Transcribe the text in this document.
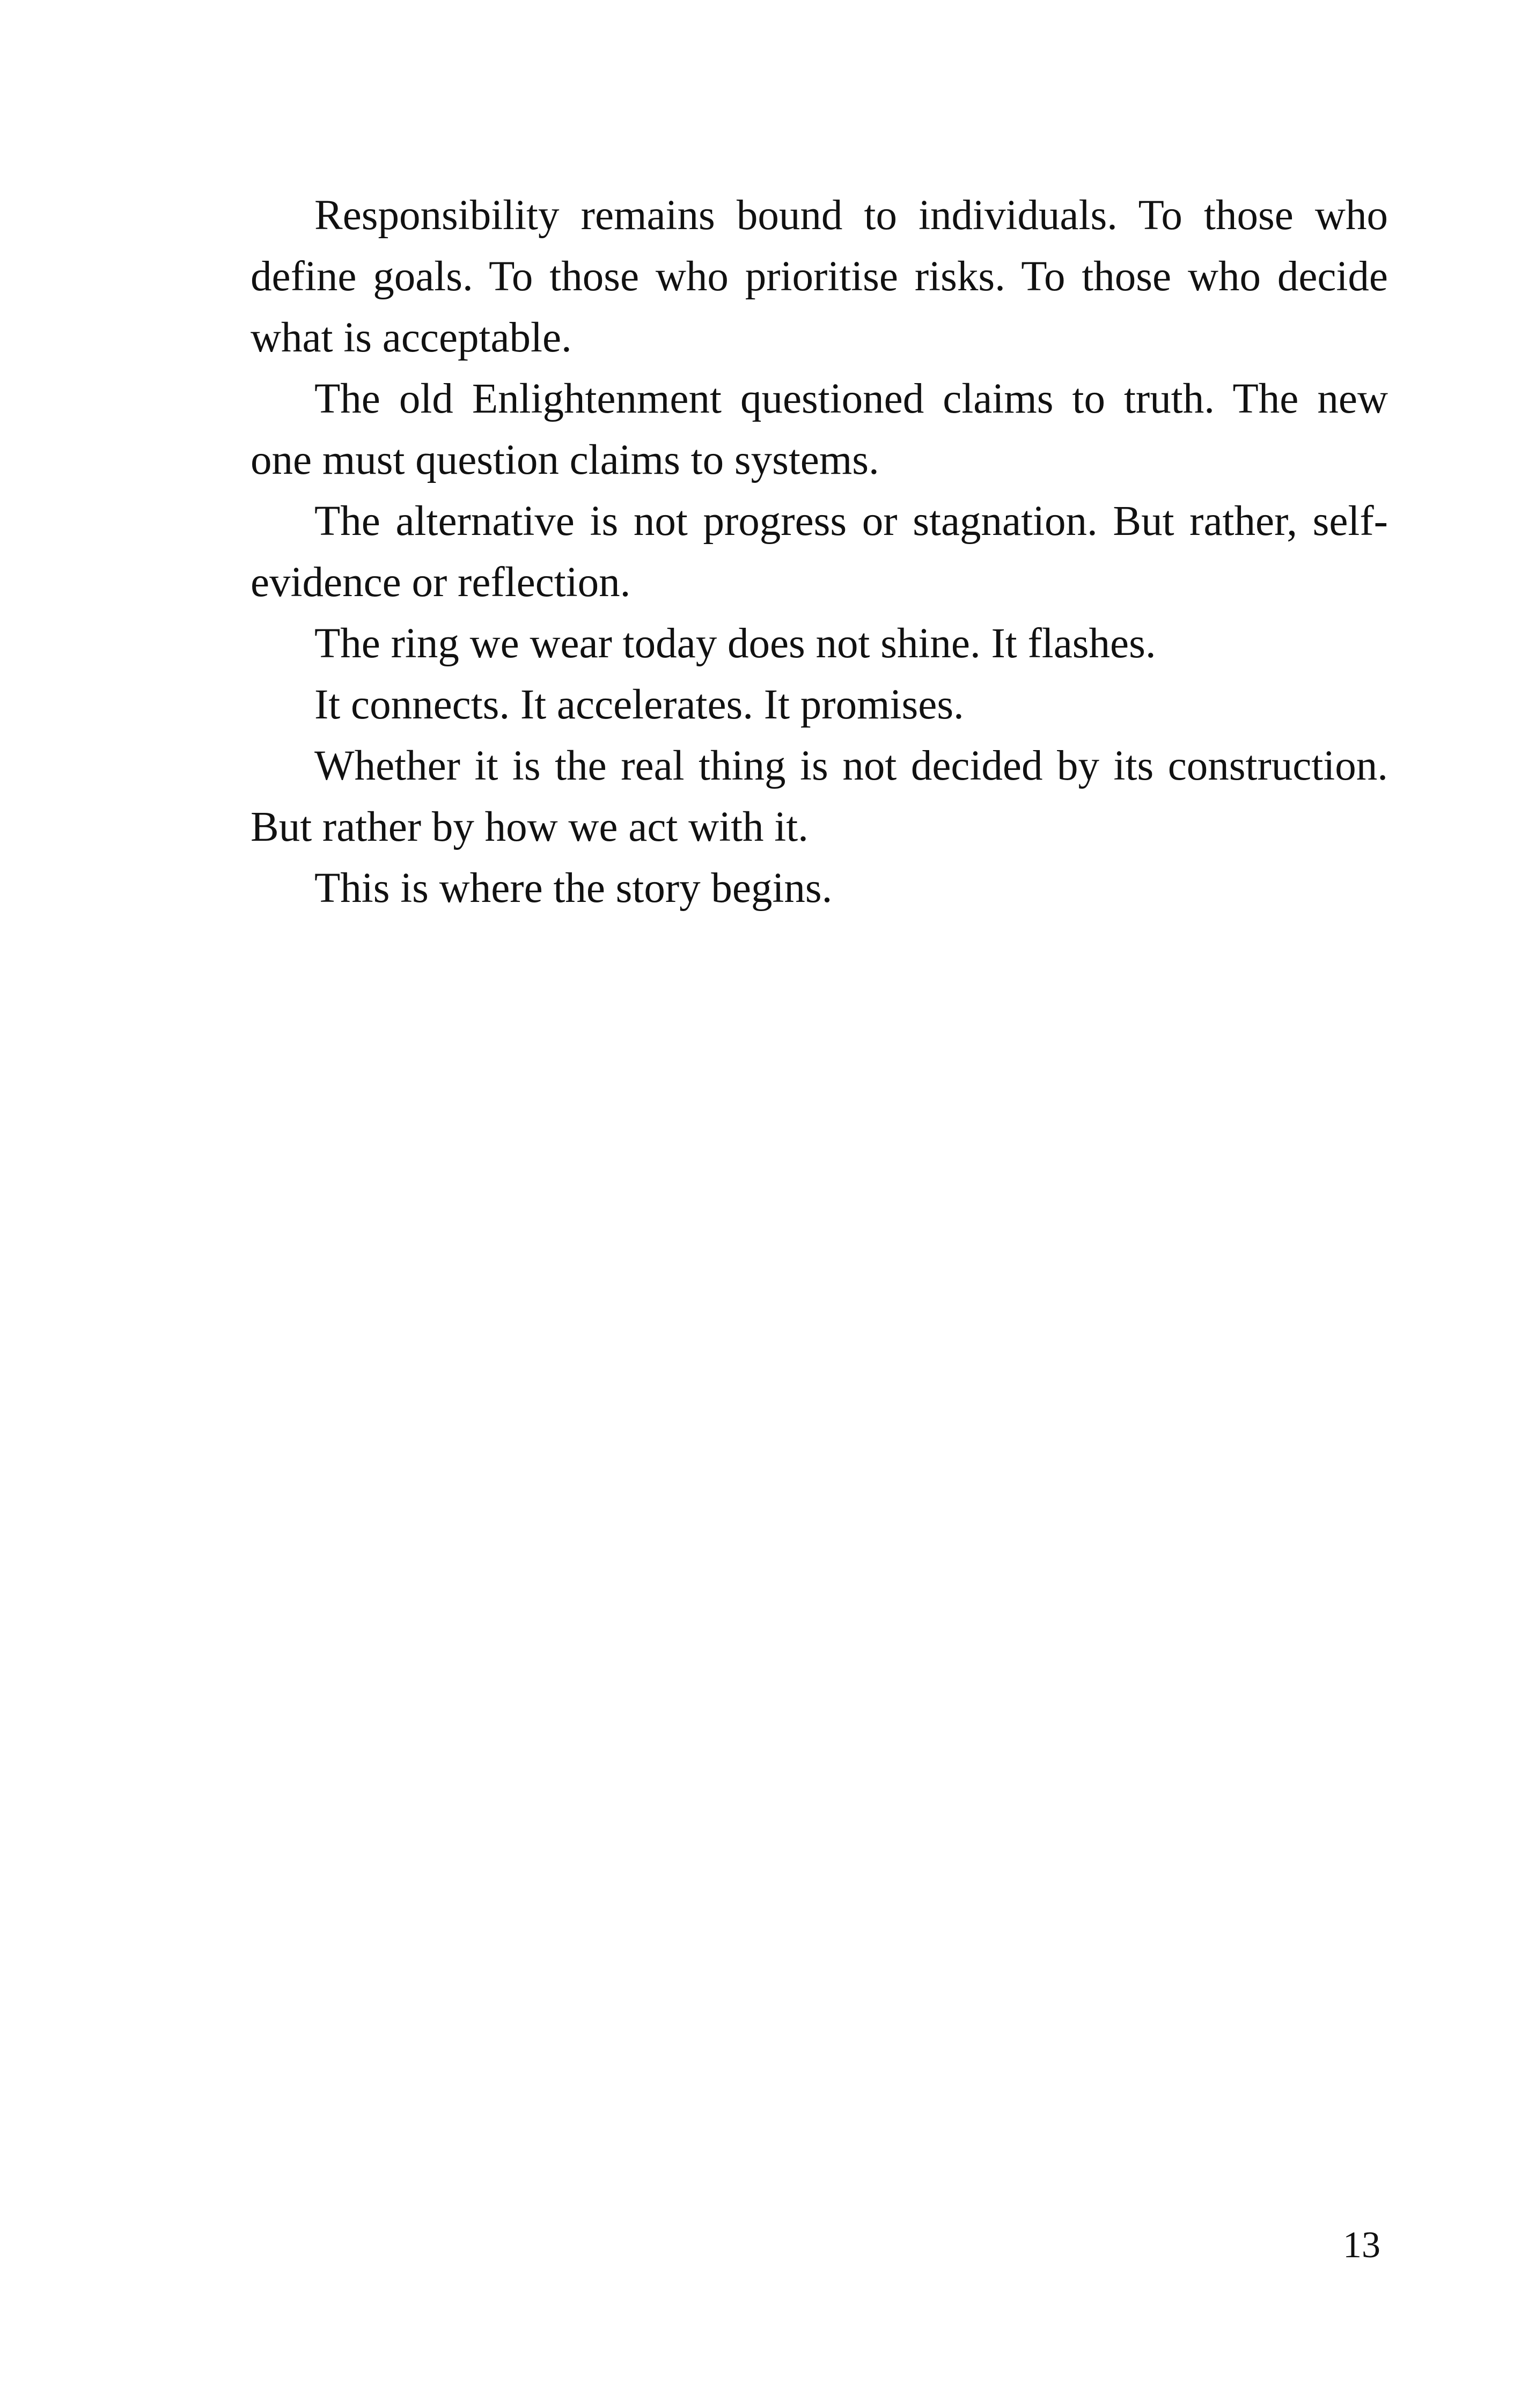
Responsibility remains bound to individuals. To those who define goals. To those who prioritise risks. To those who decide what is acceptable.

The old Enlightenment questioned claims to truth. The new one must question claims to systems.

The alternative is not progress or stagnation. But rather, self-evidence or reflection.

The ring we wear today does not shine. It flashes.

It connects. It accelerates. It promises.

Whether it is the real thing is not decided by its construction. But rather by how we act with it.

This is where the story begins.

13
